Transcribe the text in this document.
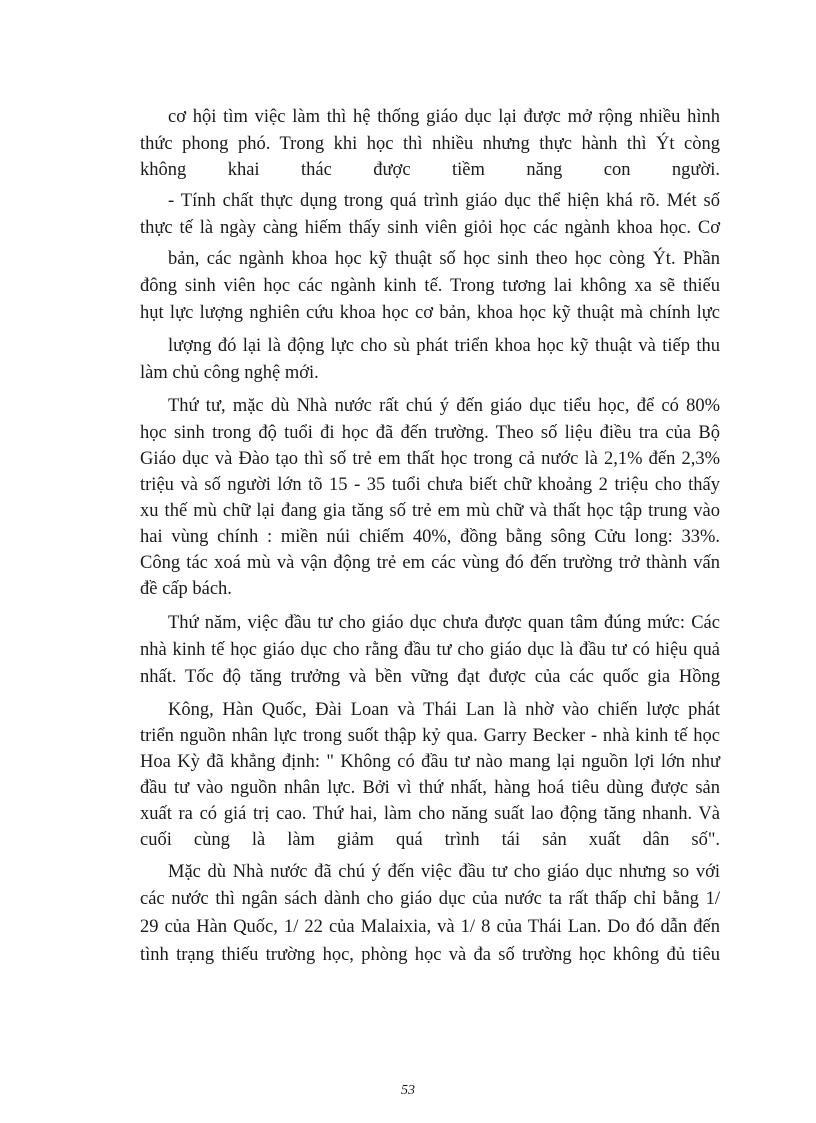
cơ hội tìm việc làm thì hệ thống giáo dục lại được mở rộng nhiều hình
thức phong phó. Trong khi học thì nhiều nhưng thực hành thì Ýt còng
không khai thác được tiềm năng con người.
- Tính chất thực dụng trong quá trình giáo dục thể hiện khá rõ. Mét số
thực tế là ngày càng hiếm thấy sinh viên giỏi học các ngành khoa học. Cơ
bản, các ngành khoa học kỹ thuật số học sinh theo học còng Ýt. Phần
đông sinh viên học các ngành kinh tế. Trong tương lai không xa sẽ thiếu
hụt lực lượng nghiên cứu khoa học cơ bản, khoa học kỹ thuật mà chính lực
lượng đó lại là động lực cho sù phát triển khoa học kỹ thuật và tiếp thu
làm chủ công nghệ mới.
Thứ tư, mặc dù Nhà nước rất chú ý đến giáo dục tiểu học, để có 80%
học sinh trong độ tuổi đi học đã đến trường. Theo số liệu điều tra của Bộ
Giáo dục và Đào tạo thì số trẻ em thất học trong cả nước là 2,1% đến 2,3%
triệu và số người lớn tõ 15 - 35 tuổi chưa biết chữ khoảng 2 triệu cho thấy
xu thế mù chữ lại đang gia tăng số trẻ em mù chữ và thất học tập trung vào
hai vùng chính : miền núi chiếm 40%, đồng bằng sông Cửu long: 33%.
Công tác xoá mù và vận động trẻ em các vùng đó đến trường trở thành vấn
đề cấp bách.
Thứ năm, việc đầu tư cho giáo dục chưa được quan tâm đúng mức: Các
nhà kinh tế học giáo dục cho rằng đầu tư cho giáo dục là đầu tư có hiệu quả
nhất. Tốc độ tăng trưởng và bền vững đạt được của các quốc gia Hồng
Kông, Hàn Quốc, Đài Loan và Thái Lan là nhờ vào chiến lược phát
triển nguồn nhân lực trong suốt thập kỷ qua. Garry Becker - nhà kinh tế học
Hoa Kỳ đã khẳng định: " Không có đầu tư nào mang lại nguồn lợi lớn như
đầu tư vào nguồn nhân lực. Bởi vì thứ nhất, hàng hoá tiêu dùng được sản
xuất ra có giá trị cao. Thứ hai, làm cho năng suất lao động tăng nhanh. Và
cuối cùng là làm giảm quá trình tái sản xuất dân số".
Mặc dù Nhà nước đã chú ý đến việc đầu tư cho giáo dục nhưng so với
các nước thì ngân sách dành cho giáo dục của nước ta rất thấp chỉ bằng 1/
29 của Hàn Quốc, 1/ 22 của Malaixia, và 1/ 8 của Thái Lan. Do đó dẫn đến
tình trạng thiếu trường học, phòng học và đa số trường học không đủ tiêu
53
